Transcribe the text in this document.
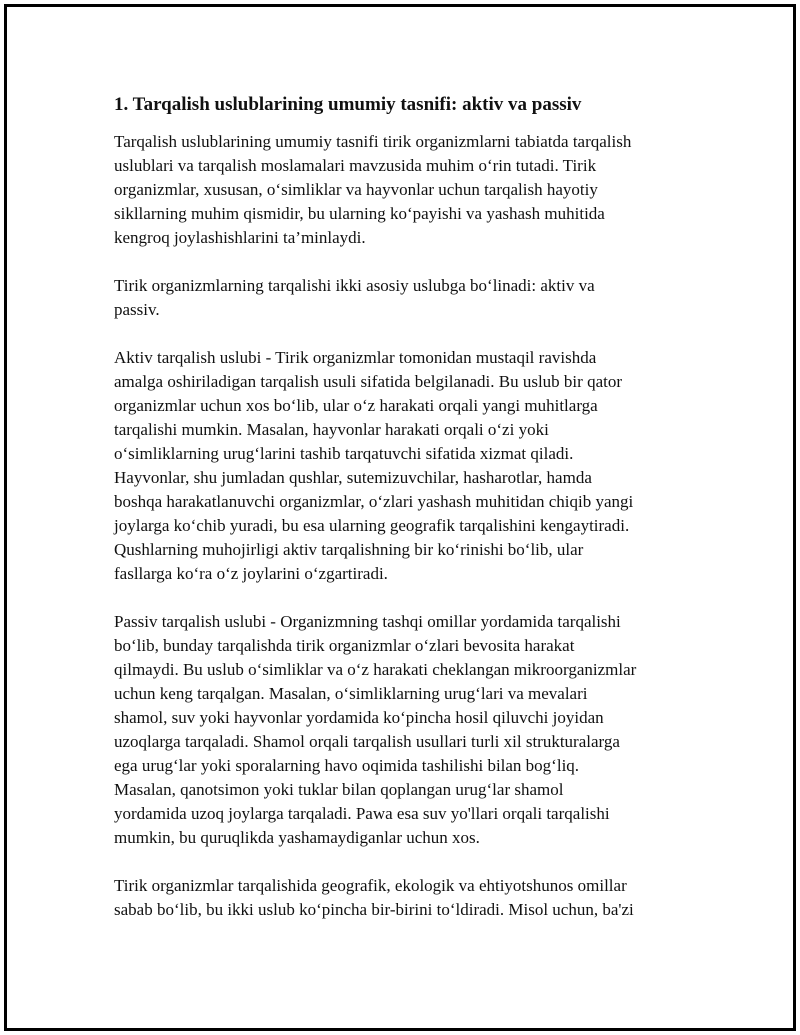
1. Tarqalish uslublarining umumiy tasnifi: aktiv va passiv

Tarqalish uslublarining umumiy tasnifi tirik organizmlarni tabiatda tarqalish
uslublari va tarqalish moslamalari mavzusida muhim o‘rin tutadi. Tirik
organizmlar, xususan, o‘simliklar va hayvonlar uchun tarqalish hayotiy
sikllarning muhim qismidir, bu ularning ko‘payishi va yashash muhitida
kengroq joylashishlarini ta’minlaydi.

Tirik organizmlarning tarqalishi ikki asosiy uslubga bo‘linadi: aktiv va
passiv.

Aktiv tarqalish uslubi - Tirik organizmlar tomonidan mustaqil ravishda
amalga oshiriladigan tarqalish usuli sifatida belgilanadi. Bu uslub bir qator
organizmlar uchun xos bo‘lib, ular o‘z harakati orqali yangi muhitlarga
tarqalishi mumkin. Masalan, hayvonlar harakati orqali o‘zi yoki
o‘simliklarning urug‘larini tashib tarqatuvchi sifatida xizmat qiladi.
Hayvonlar, shu jumladan qushlar, sutemizuvchilar, hasharotlar, hamda
boshqa harakatlanuvchi organizmlar, o‘zlari yashash muhitidan chiqib yangi
joylarga ko‘chib yuradi, bu esa ularning geografik tarqalishini kengaytiradi.
Qushlarning muhojirligi aktiv tarqalishning bir ko‘rinishi bo‘lib, ular
fasllarga ko‘ra o‘z joylarini o‘zgartiradi.

Passiv tarqalish uslubi - Organizmning tashqi omillar yordamida tarqalishi
bo‘lib, bunday tarqalishda tirik organizmlar o‘zlari bevosita harakat
qilmaydi. Bu uslub o‘simliklar va o‘z harakati cheklangan mikroorganizmlar
uchun keng tarqalgan. Masalan, o‘simliklarning urug‘lari va mevalari
shamol, suv yoki hayvonlar yordamida ko‘pincha hosil qiluvchi joyidan
uzoqlarga tarqaladi. Shamol orqali tarqalish usullari turli xil strukturalarga
ega urug‘lar yoki sporalarning havo oqimida tashilishi bilan bog‘liq.
Masalan, qanotsimon yoki tuklar bilan qoplangan urug‘lar shamol
yordamida uzoq joylarga tarqaladi. Pawa esa suv yo'llari orqali tarqalishi
mumkin, bu quruqlikda yashamaydiganlar uchun xos.

Tirik organizmlar tarqalishida geografik, ekologik va ehtiyotshunos omillar
sabab bo‘lib, bu ikki uslub ko‘pincha bir-birini to‘ldiradi. Misol uchun, ba'zi
